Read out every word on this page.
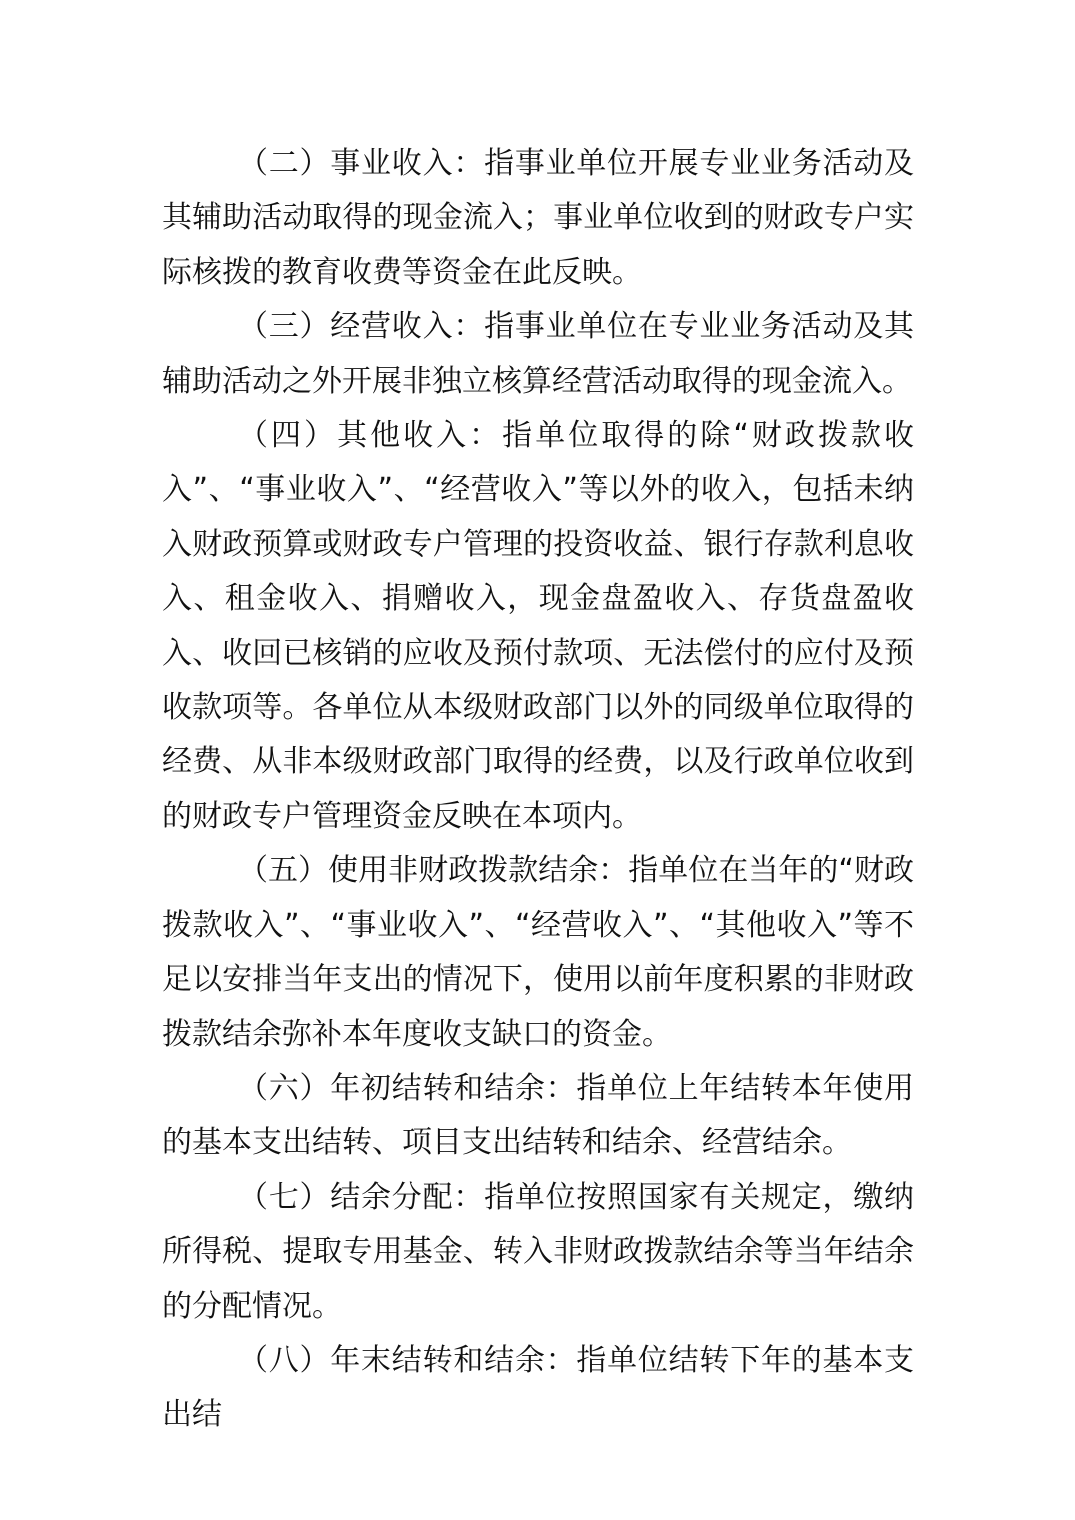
（二）事业收入：指事业单位开展专业业务活动及其辅助活动取得的现金流入；事业单位收到的财政专户实际核拨的教育收费等资金在此反映。

（三）经营收入：指事业单位在专业业务活动及其辅助活动之外开展非独立核算经营活动取得的现金流入。

（四）其他收入：指单位取得的除“财政拨款收入”、“事业收入”、“经营收入”等以外的收入，包括未纳入财政预算或财政专户管理的投资收益、银行存款利息收入、租金收入、捐赠收入，现金盘盈收入、存货盘盈收入、收回已核销的应收及预付款项、无法偿付的应付及预收款项等。各单位从本级财政部门以外的同级单位取得的经费、从非本级财政部门取得的经费，以及行政单位收到的财政专户管理资金反映在本项内。

（五）使用非财政拨款结余：指单位在当年的“财政拨款收入”、“事业收入”、“经营收入”、“其他收入”等不足以安排当年支出的情况下，使用以前年度积累的非财政拨款结余弥补本年度收支缺口的资金。

（六）年初结转和结余：指单位上年结转本年使用的基本支出结转、项目支出结转和结余、经营结余。

（七）结余分配：指单位按照国家有关规定，缴纳所得税、提取专用基金、转入非财政拨款结余等当年结余的分配情况。

（八）年末结转和结余：指单位结转下年的基本支出结
